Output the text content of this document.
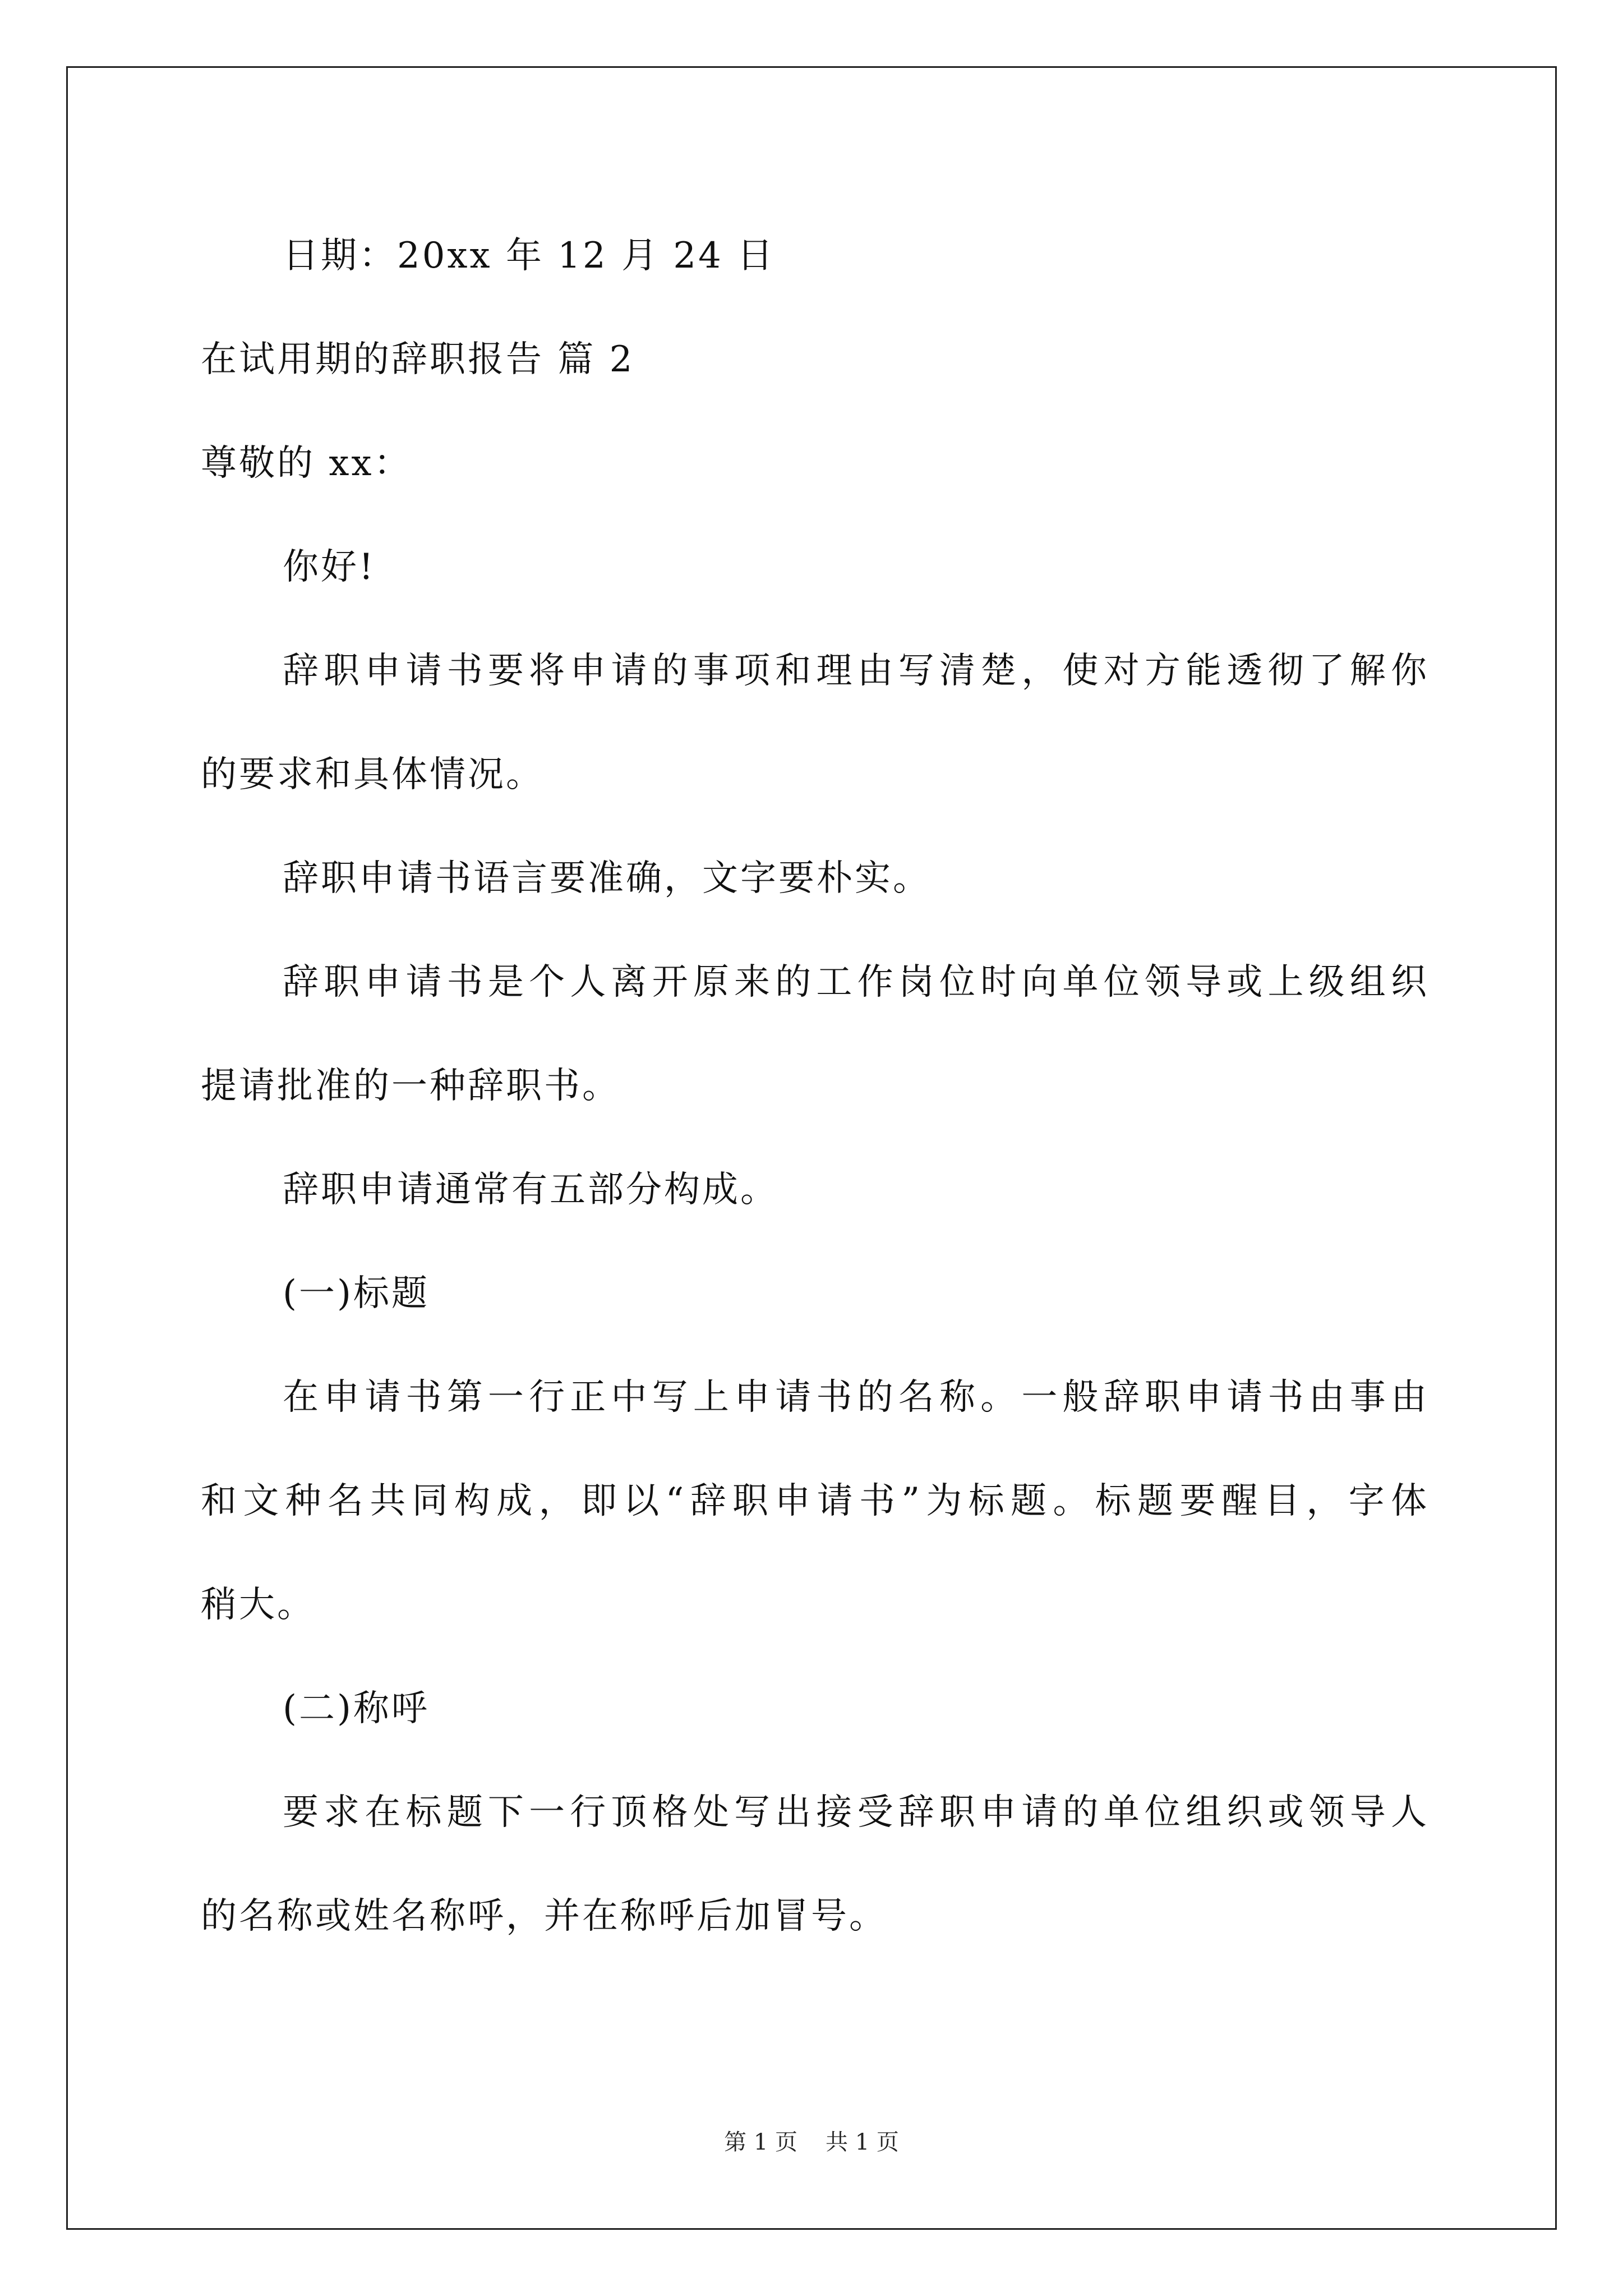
日期：20xx 年 12 月 24 日
在试用期的辞职报告 篇 2
尊敬的 xx：
你好!
辞职申请书要将申请的事项和理由写清楚，使对方能透彻了解你
的要求和具体情况。
辞职申请书语言要准确，文字要朴实。
辞职申请书是个人离开原来的工作岗位时向单位领导或上级组织
提请批准的一种辞职书。
辞职申请通常有五部分构成。
(一)标题
在申请书第一行正中写上申请书的名称。一般辞职申请书由事由
和文种名共同构成，即以“辞职申请书”为标题。标题要醒目，字体
稍大。
(二)称呼
要求在标题下一行顶格处写出接受辞职申请的单位组织或领导人
的名称或姓名称呼，并在称呼后加冒号。
第 1 页 共 1 页
